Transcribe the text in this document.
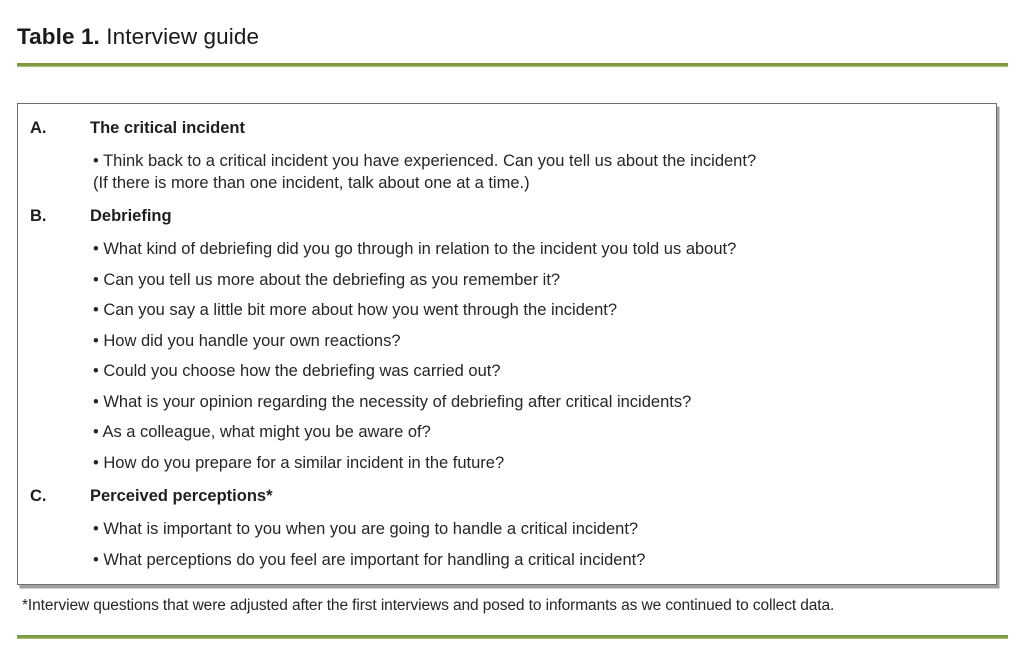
Table 1. Interview guide
A.	The critical incident

• Think back to a critical incident you have experienced. Can you tell us about the incident?
(If there is more than one incident, talk about one at a time.)

B.	Debriefing

• What kind of debriefing did you go through in relation to the incident you told us about?

• Can you tell us more about the debriefing as you remember it?

• Can you say a little bit more about how you went through the incident?

• How did you handle your own reactions?

• Could you choose how the debriefing was carried out?

• What is your opinion regarding the necessity of debriefing after critical incidents?

• As a colleague, what might you be aware of?

• How do you prepare for a similar incident in the future?

C.	Perceived perceptions*

• What is important to you when you are going to handle a critical incident?

• What perceptions do you feel are important for handling a critical incident?

*Interview questions that were adjusted after the first interviews and posed to informants as we continued to collect data.
